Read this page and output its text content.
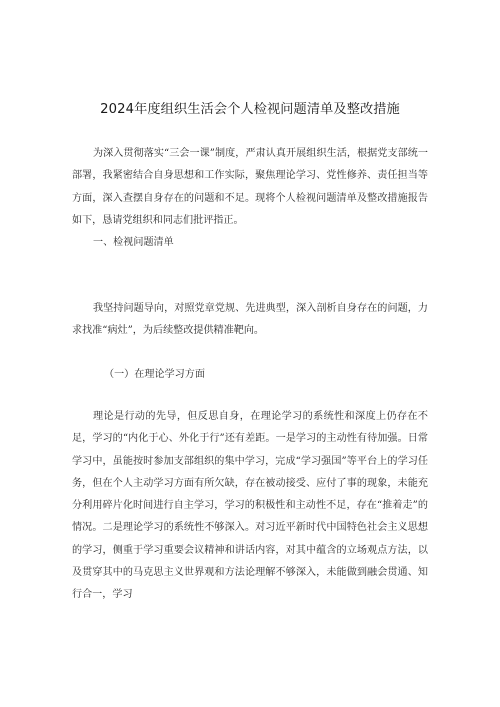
2024年度组织生活会个人检视问题清单及整改措施
为深入贯彻落实“三会一课”制度，严肃认真开展组织生活，根据党支部统一部署，我紧密结合自身思想和工作实际，聚焦理论学习、党性修养、责任担当等方面，深入查摆自身存在的问题和不足。现将个人检视问题清单及整改措施报告如下，恳请党组织和同志们批评指正。
一、检视问题清单
我坚持问题导向，对照党章党规、先进典型，深入剖析自身存在的问题，力求找准“病灶”，为后续整改提供精准靶向。
（一）在理论学习方面
理论是行动的先导，但反思自身，在理论学习的系统性和深度上仍存在不足，学习的“内化于心、外化于行”还有差距。一是学习的主动性有待加强。日常学习中，虽能按时参加支部组织的集中学习，完成“学习强国”等平台上的学习任务，但在个人主动学习方面有所欠缺，存在被动接受、应付了事的现象，未能充分利用碎片化时间进行自主学习，学习的积极性和主动性不足，存在“推着走”的情况。二是理论学习的系统性不够深入。对习近平新时代中国特色社会主义思想的学习，侧重于学习重要会议精神和讲话内容，对其中蕴含的立场观点方法，以及贯穿其中的马克思主义世界观和方法论理解不够深入，未能做到融会贯通、知行合一，学习
